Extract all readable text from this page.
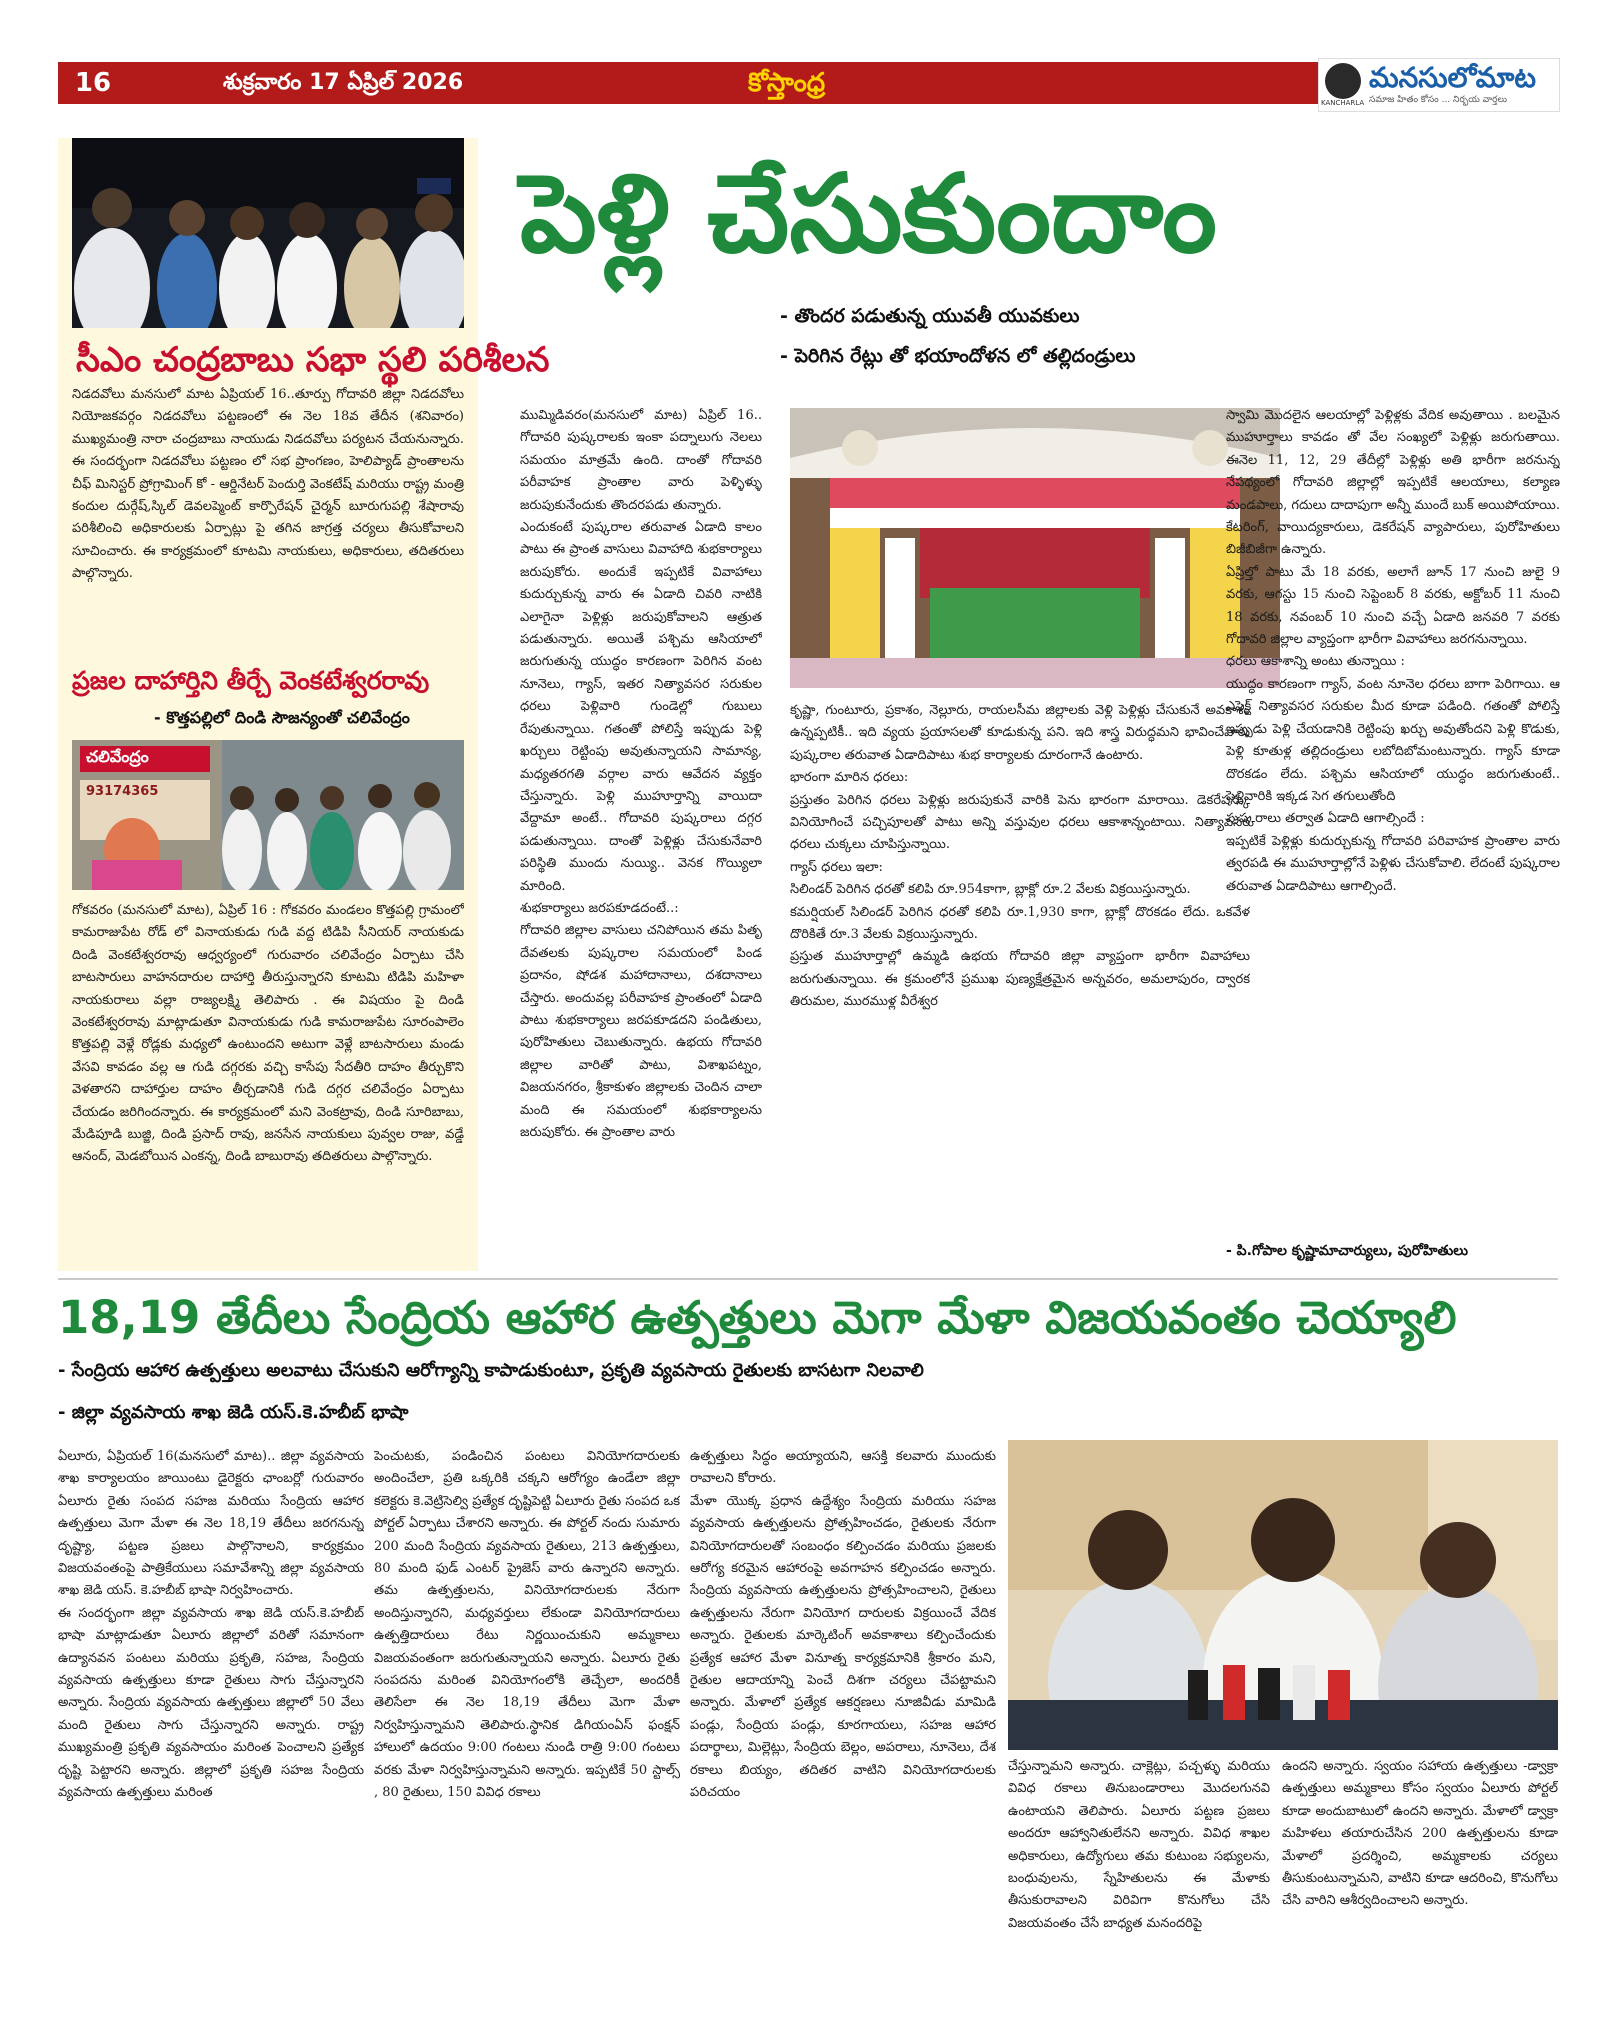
16	శుక్రవారం 17 ఏప్రిల్ 2026	కోస్తాంధ్ర
KANCHARLA
మనసులోమాట
సమాజ హితం కోసం ... నిర్భయ వార్తలు
సీఎం చంద్రబాబు సభా స్థలి పరిశీలన
నిడదవోలు మనసులో మాట ఏప్రియల్ 16..తూర్పు గోదావరి జిల్లా నిడదవోలు నియోజకవర్గం నిడదవోలు పట్టణంలో ఈ నెల 18వ తేదీన (శనివారం) ముఖ్యమంత్రి నారా చంద్రబాబు నాయుడు నిడదవోలు పర్యటన చేయనున్నారు. ఈ సందర్భంగా నిడదవోలు పట్టణం లో సభ ప్రాంగణం, హెలిప్యాడ్ ప్రాంతాలను చీఫ్ మినిస్టర్ ప్రోగ్రామింగ్ కో - ఆర్డినేటర్ పెందుర్తి వెంకటేష్ మరియు రాష్ట్ర మంత్రి కందుల దుర్గేష్,స్కిల్ డెవలప్మెంట్ కార్పొరేషన్ చైర్మన్ బూరుగుపల్లి శేషారావు పరిశీలించి అధికారులకు ఏర్పాట్లు పై తగిన జాగ్రత్త చర్యలు తీసుకోవాలని సూచించారు. ఈ కార్యక్రమంలో కూటమి నాయకులు, అధికారులు, తదితరులు పాల్గొన్నారు.
ప్రజల దాహార్తిని తీర్చే వెంకటేశ్వరరావు
- కొత్తపల్లిలో దిండి సౌజన్యంతో చలివేంద్రం
చలివేంద్రం
93174365
గోకవరం (మనసులో మాట), ఏప్రిల్ 16 : గోకవరం మండలం కొత్తపల్లి గ్రామంలో కామరాజుపేట రోడ్ లో వినాయకుడు గుడి వద్ద టిడిపి సీనియర్ నాయకుడు దిండి వెంకటేశ్వరరావు ఆధ్వర్యంలో గురువారం చలివేంద్రం ఏర్పాటు చేసి బాటసారులు వాహనదారుల దాహార్తి తీరుస్తున్నారని కూటమి టిడిపి మహిళా నాయకురాలు వల్లా రాజ్యలక్ష్మి తెలిపారు . ఈ విషయం పై దిండి వెంకటేశ్వరరావు మాట్లాడుతూ వినాయకుడు గుడి కామరాజుపేట సూరంపాలెం కొత్తపల్లి వెళ్లే రోడ్లకు మధ్యలో ఉంటుందని అటుగా వెళ్లే బాటసారులు మండు వేసవి కావడం వల్ల ఆ గుడి దగ్గరకు వచ్చి కాసేపు సేదతీరి దాహం తీర్చుకొని వెళతారని దాహార్తుల దాహం తీర్చడానికి గుడి దగ్గర చలివేంద్రం ఏర్పాటు చేయడం జరిగిందన్నారు. ఈ కార్యక్రమంలో మని వెంకట్రావు, దిండి సూరిబాబు, మేడిపూడి బుజ్జి, దిండి ప్రసాద్ రావు, జనసేన నాయకులు పువ్వల రాజు, వడ్డే ఆనంద్, మెడబోయిన ఎంకన్న, దిండి బాబురావు తదితరులు పాల్గొన్నారు.
పెళ్లి చేసుకుందాం
- తొందర పడుతున్న యువతీ యువకులు
- పెరిగిన రేట్లు తో భయాందోళన లో తల్లిదండ్రులు
ముమ్మిడివరం(మనసులో మాట) ఏప్రిల్ 16.. గోదావరి పుష్కరాలకు ఇంకా పద్నాలుగు నెలలు సమయం మాత్రమే ఉంది. దాంతో గోదావరి పరీవాహక ప్రాంతాల వారు పెళ్ళిళ్ళు జరుపుకునేందుకు తొందరపడు తున్నారు.
ఎందుకంటే పుష్కరాల తరువాత ఏడాది కాలం పాటు ఈ ప్రాంత వాసులు వివాహాది శుభకార్యాలు జరుపుకోరు. అందుకే ఇప్పటికే వివాహాలు కుదుర్చుకున్న వారు ఈ ఏడాది చివరి నాటికి ఎలాగైనా పెళ్లిళ్లు జరుపుకోవాలని ఆత్రుత పడుతున్నారు. అయితే పశ్చిమ ఆసియాలో జరుగుతున్న యుద్ధం కారణంగా పెరిగిన వంట నూనెలు, గ్యాస్, ఇతర నిత్యావసర సరుకుల ధరలు పెళ్లివారి గుండెల్లో గుబులు రేపుతున్నాయి. గతంతో పోలిస్తే ఇప్పుడు పెళ్లి ఖర్చులు రెట్టింపు అవుతున్నాయని సామాన్య, మధ్యతరగతి వర్గాల వారు ఆవేదన వ్యక్తం చేస్తున్నారు. పెళ్లి ముహూర్తాన్ని వాయిదా వేద్దామా అంటే.. గోదావరి పుష్కరాలు దగ్గర పడుతున్నాయి. దాంతో పెళ్లిళ్లు చేసుకునేవారి పరిస్థితి ముందు నుయ్యి.. వెనక గొయ్యిలా మారింది.
శుభకార్యాలు జరపకూడదంటే..:
గోదావరి జిల్లాల వాసులు చనిపోయిన తమ పితృ దేవతలకు పుష్కరాల సమయంలో పిండ ప్రదానం, షోడశ మహాదానాలు, దశదానాలు చేస్తారు. అందువల్ల పరీవాహక ప్రాంతంలో ఏడాది పాటు శుభకార్యాలు జరపకూడదని పండితులు, పురోహితులు చెబుతున్నారు. ఉభయ గోదావరి జిల్లాల వారితో పాటు, విశాఖపట్నం, విజయనగరం, శ్రీకాకుళం జిల్లాలకు చెందిన చాలా మంది ఈ సమయంలో శుభకార్యాలను జరుపుకోరు. ఈ ప్రాంతాల వారు
కృష్ణా, గుంటూరు, ప్రకాశం, నెల్లూరు, రాయలసీమ జిల్లాలకు వెళ్లి పెళ్లిళ్లు చేసుకునే అవకాశం ఉన్నప్పటికీ.. ఇది వ్యయ ప్రయాసలతో కూడుకున్న పని. ఇది శాస్త్ర విరుద్ధమని భావించేవారు పుష్కరాల తరువాత ఏడాదిపాటు శుభ కార్యాలకు దూరంగానే ఉంటారు.
భారంగా మారిన ధరలు:
ప్రస్తుతం పెరిగిన ధరలు పెళ్లిళ్లు జరుపుకునే వారికి పెను భారంగా మారాయి. డెకరేషన్కు వినియోగించే పచ్చిపూలతో పాటు అన్ని వస్తువుల ధరలు ఆకాశాన్నంటాయి. నిత్యావసర ధరలు చుక్కలు చూపిస్తున్నాయి.
గ్యాస్ ధరలు ఇలా:
సిలిండర్ పెరిగిన ధరతో కలిపి రూ.954కాగా, బ్లాక్లో రూ.2 వేలకు విక్రయిస్తున్నారు.
కమర్షియల్ సిలిండర్ పెరిగిన ధరతో కలిపి రూ.1,930 కాగా, బ్లాక్లో దొరకడం లేదు. ఒకవేళ దొరికితే రూ.3 వేలకు విక్రయిస్తున్నారు.
ప్రస్తుత ముహూర్తాల్లో ఉమ్మడి ఉభయ గోదావరి జిల్లా వ్యాప్తంగా భారీగా వివాహాలు జరుగుతున్నాయి. ఈ క్రమంలోనే ప్రముఖ పుణ్యక్షేత్రమైన అన్నవరం, అమలాపురం, ద్వారక తిరుమల, మురముళ్ల వీరేశ్వర
స్వామి మొదలైన ఆలయాల్లో పెళ్లిళ్లకు వేదిక అవుతాయి . బలమైన ముహూర్తాలు కావడం తో వేల సంఖ్యలో పెళ్లిళ్లు జరుగుతాయి. ఈనెల 11, 12, 29 తేదీల్లో పెళ్లిళ్లు అతి భారీగా జరనున్న నేపథ్యంలో గోదావరి జిల్లాల్లో ఇప్పటికే ఆలయాలు, కల్యాణ మండపాలు, గదులు దాదాపుగా అన్నీ ముందే బుక్ అయిపోయాయి. కేటరింగ్, వాయిద్యకారులు, డెకరేషన్ వ్యాపారులు, పురోహితులు బిజీబిజీగా ఉన్నారు.
ఏప్రిల్తో పాటు మే 18 వరకు, అలాగే జూన్ 17 నుంచి జులై 9 వరకు, ఆగస్టు 15 నుంచి సెప్టెంబర్ 8 వరకు, అక్టోబర్ 11 నుంచి 18 వరకు, నవంబర్ 10 నుంచి వచ్చే ఏడాది జనవరి 7 వరకు గోదావరి జిల్లాల వ్యాప్తంగా భారీగా వివాహాలు జరగనున్నాయి.
ధరలు ఆకాశాన్ని అంటు తున్నాయి :
యుద్ధం కారణంగా గ్యాస్, వంట నూనెల ధరలు బాగా పెరిగాయి. ఆ ఎఫెక్ట్ నిత్యావసర సరుకుల మీద కూడా పడింది. గతంతో పోలిస్తే ఇప్పుడు పెళ్లి చేయడానికి రెట్టింపు ఖర్చు అవుతోందని పెళ్లి కొడుకు, పెళ్లి కూతుళ్ల తల్లిదండ్రులు లబోదిబోమంటున్నారు. గ్యాస్ కూడా దొరకడం లేదు. పశ్చిమ ఆసియాలో యుద్ధం జరుగుతుంటే.. పెళ్లివారికి ఇక్కడ సెగ తగులుతోంది
పుష్కరాలు తర్వాత ఏడాది ఆగాల్సిందే :
ఇప్పటికే పెళ్లిళ్లు కుదుర్చుకున్న గోదావరి పరివాహక ప్రాంతాల వారు త్వరపడి ఈ ముహూర్తాల్లోనే పెళ్లిళు చేసుకోవాలి. లేదంటే పుష్కరాల తరువాత ఏడాదిపాటు ఆగాల్సిందే.
- పి.గోపాల కృష్ణామాచార్యులు, పురోహితులు
18,19 తేదీలు సేంద్రియ ఆహార ఉత్పత్తులు మెగా మేళా విజయవంతం చెయ్యాలి
- సేంద్రియ ఆహార ఉత్పత్తులు అలవాటు చేసుకుని ఆరోగ్యాన్ని కాపాడుకుంటూ, ప్రకృతి వ్యవసాయ రైతులకు బాసటగా నిలవాలి
- జిల్లా వ్యవసాయ శాఖ జెడి యస్.కె.హబీబ్ భాషా
ఏలూరు, ఏప్రియల్ 16(మనసులో మాట).. జిల్లా వ్యవసాయ శాఖ కార్యాలయం జాయింటు డైరెక్టరు ఛాంబర్లో గురువారం ఏలూరు రైతు సంపద సహజ మరియు సేంద్రియ ఆహార ఉత్పత్తులు మెగా మేళా ఈ నెల 18,19 తేదీలు జరగనున్న దృష్ట్యా, పట్టణ ప్రజలు పాల్గొనాలని, కార్యక్రమం విజయవంతంపై పాత్రికేయులు సమావేశాన్ని జిల్లా వ్యవసాయ శాఖ జెడి యస్. కె.హబీబ్ భాషా నిర్వహించారు.
ఈ సందర్భంగా జిల్లా వ్యవసాయ శాఖ జెడి యస్.కె.హబీబ్ భాషా మాట్లాడుతూ ఏలూరు జిల్లాలో వరితో సమానంగా ఉద్యానవన పంటలు మరియు ప్రకృతి, సహజ, సేంద్రియ వ్యవసాయ ఉత్పత్తులు కూడా రైతులు సాగు చేస్తున్నారని అన్నారు. సేంద్రియ వ్యవసాయ ఉత్పత్తులు జిల్లాలో 50 వేలు మంది రైతులు సాగు చేస్తున్నారని అన్నారు. రాష్ట్ర ముఖ్యమంత్రి ప్రకృతి వ్యవసాయం మరింత పెంచాలని ప్రత్యేక దృష్టి పెట్టారని అన్నారు. జిల్లాలో ప్రకృతి సహజ సేంద్రియ వ్యవసాయ ఉత్పత్తులు మరింత
పెంచుటకు, పండించిన పంటలు వినియోగదారులకు అందించేలా, ప్రతి ఒక్కరికి చక్కని ఆరోగ్యం ఉండేలా జిల్లా కలెక్టరు కె.వెట్రిసెల్వి ప్రత్యేక దృష్టిపెట్టి ఏలూరు రైతు సంపద ఒక పోర్టల్ ఏర్పాటు చేశారని అన్నారు. ఈ పోర్టల్ నందు సుమారు 200 మంది సేంద్రియ వ్యవసాయ రైతులు, 213 ఉత్పత్తులు, 80 మంది ఫుడ్ ఎంటర్ ప్రైజెస్ వారు ఉన్నారని అన్నారు. తమ ఉత్పత్తులను, వినియోగదారులకు నేరుగా అందిస్తున్నారని, మధ్యవర్తులు లేకుండా వినియోగదారులు ఉత్పత్తిదారులు రేటు నిర్ణయించుకుని అమ్మకాలు విజయవంతంగా జరుగుతున్నాయని అన్నారు. ఏలూరు రైతు సంపదను మరింత వినియోగంలోకి తెచ్చేలా, అందరికీ తెలిసేలా ఈ నెల 18,19 తేదీలు మెగా మేళా నిర్వహిస్తున్నామని తెలిపారు.స్థానిక డిగియంఏస్ ఫంక్షన్ హాలులో ఉదయం 9:00 గంటలు నుండి రాత్రి 9:00 గంటలు వరకు మేళా నిర్వహిస్తున్నామని అన్నారు. ఇప్పటికే 50 స్టాల్స్ , 80 రైతులు, 150 వివిధ రకాలు
ఉత్పత్తులు సిద్ధం అయ్యాయని, ఆసక్తి కలవారు ముందుకు రావాలని కోరారు.
మేళా యొక్క ప్రధాన ఉద్దేశ్యం సేంద్రియ మరియు సహజ వ్యవసాయ ఉత్పత్తులను ప్రోత్సహించడం, రైతులకు నేరుగా వినియోగదారులతో సంబంధం కల్పించడం మరియు ప్రజలకు ఆరోగ్య కరమైన ఆహారంపై అవగాహన కల్పించడం అన్నారు. సేంద్రియ వ్యవసాయ ఉత్పత్తులను ప్రోత్సహించాలని, రైతులు ఉత్పత్తులను నేరుగా వినియోగ దారులకు విక్రయించే వేదిక అన్నారు. రైతులకు మార్కెటింగ్ అవకాశాలు కల్పించేందుకు ప్రత్యేక ఆహార మేళా వినూత్న కార్యక్రమానికి శ్రీకారం మని, రైతుల ఆదాయాన్ని పెంచే దిశగా చర్యలు చేపట్టామని అన్నారు. మేళాలో ప్రత్యేక ఆకర్షణలు నూజివీడు మామిడి పండ్లు, సేంద్రియ పండ్లు, కూరగాయలు, సహజ ఆహార పదార్థాలు, మిల్లెట్లు, సేంద్రియ బెల్లం, అపరాలు, నూనెలు, దేశ రకాలు బియ్యం, తదితర వాటిని వినియోగదారులకు పరిచయం
చేస్తున్నామని అన్నారు. చాక్లెట్లు, పచ్చళ్ళు మరియు వివిధ రకాలు తినుబండారాలు మొదలగునవి ఉంటాయని తెలిపారు. ఏలూరు పట్టణ ప్రజలు అందరూ ఆహ్వానితులేనని అన్నారు. వివిధ శాఖల అధికారులు, ఉద్యోగులు తమ కుటుంబ సభ్యులను, బంధువులను, స్నేహితులను ఈ మేళాకు తీసుకురావాలని విరివిగా కొనుగోలు చేసి విజయవంతం చేసే బాధ్యత మనందరిపై
ఉందని అన్నారు. స్వయం సహాయ ఉత్పత్తులు -డ్వాక్రా ఉత్పత్తులు అమ్మకాలు కోసం స్వయం ఏలూరు పోర్టల్ కూడా అందుబాటులో ఉందని అన్నారు. మేళాలో డ్వాక్రా మహిళలు తయారుచేసిన 200 ఉత్పత్తులను కూడా మేళాలో ప్రదర్శించి, అమ్మకాలకు చర్యలు తీసుకుంటున్నామని, వాటిని కూడా ఆదరించి, కొనుగోలు చేసి వారిని ఆశీర్వదించాలని అన్నారు.
